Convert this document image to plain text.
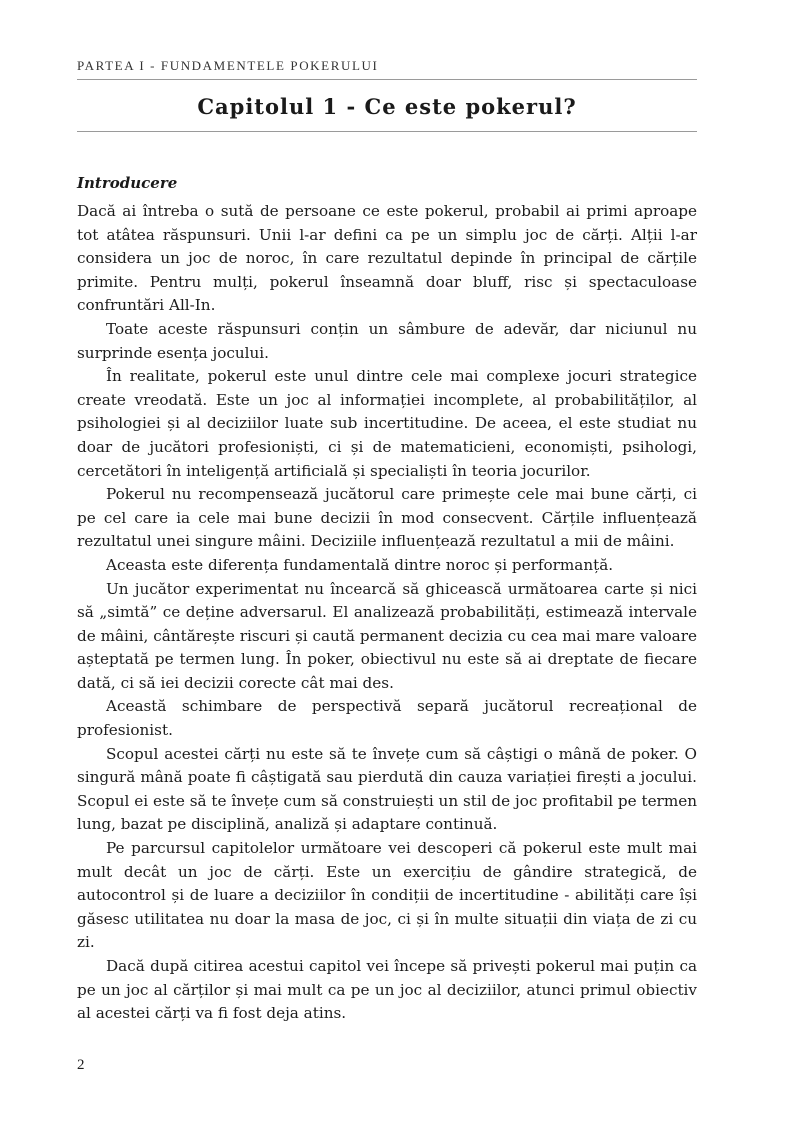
PARTEA I - FUNDAMENTELE POKERULUI
Capitolul 1 - Ce este pokerul?
Introducere

Dacă ai întreba o sută de persoane ce este pokerul, probabil ai primi aproape tot atâtea răspunsuri. Unii l-ar defini ca pe un simplu joc de cărți. Alții l-ar considera un joc de noroc, în care rezultatul depinde în principal de cărțile primite. Pentru mulți, pokerul înseamnă doar bluff, risc și spectaculoase confruntări All-In.

Toate aceste răspunsuri conțin un sâmbure de adevăr, dar niciunul nu surprinde esența jocului.

În realitate, pokerul este unul dintre cele mai complexe jocuri strategice create vreodată. Este un joc al informației incomplete, al probabilităților, al psihologiei și al deciziilor luate sub incertitudine. De aceea, el este studiat nu doar de jucători profesioniști, ci și de matematicieni, economiști, psihologi, cercetători în inteligență artificială și specialiști în teoria jocurilor.

Pokerul nu recompensează jucătorul care primește cele mai bune cărți, ci pe cel care ia cele mai bune decizii în mod consecvent. Cărțile influențează rezultatul unei singure mâini. Deciziile influențează rezultatul a mii de mâini.

Aceasta este diferența fundamentală dintre noroc și performanță.

Un jucător experimentat nu încearcă să ghicească următoarea carte și nici să „simtă” ce deține adversarul. El analizează probabilități, estimează intervale de mâini, cântărește riscuri și caută permanent decizia cu cea mai mare valoare așteptată pe termen lung. În poker, obiectivul nu este să ai dreptate de fiecare dată, ci să iei decizii corecte cât mai des.

Această schimbare de perspectivă separă jucătorul recreațional de profesionist.

Scopul acestei cărți nu este să te învețe cum să câștigi o mână de poker. O singură mână poate fi câștigată sau pierdută din cauza variației firești a jocului. Scopul ei este să te învețe cum să construiești un stil de joc profitabil pe termen lung, bazat pe disciplină, analiză și adaptare continuă.

Pe parcursul capitolelor următoare vei descoperi că pokerul este mult mai mult decât un joc de cărți. Este un exercițiu de gândire strategică, de autocontrol și de luare a deciziilor în condiții de incertitudine - abilități care își găsesc utilitatea nu doar la masa de joc, ci și în multe situații din viața de zi cu zi.

Dacă după citirea acestui capitol vei începe să privești pokerul mai puțin ca pe un joc al cărților și mai mult ca pe un joc al deciziilor, atunci primul obiectiv al acestei cărți va fi fost deja atins.

2
